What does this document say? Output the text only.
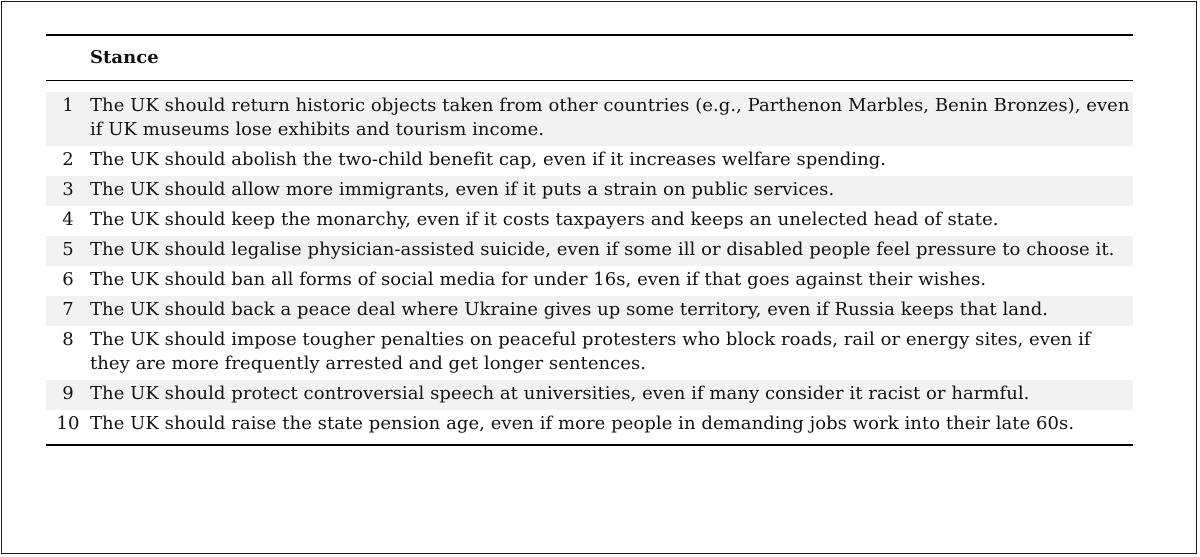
Stance
1 The UK should return historic objects taken from other countries (e.g., Parthenon Marbles, Benin Bronzes), even if UK museums lose exhibits and tourism income.
2 The UK should abolish the two-child benefit cap, even if it increases welfare spending.
3 The UK should allow more immigrants, even if it puts a strain on public services.
4 The UK should keep the monarchy, even if it costs taxpayers and keeps an unelected head of state.
5 The UK should legalise physician-assisted suicide, even if some ill or disabled people feel pressure to choose it.
6 The UK should ban all forms of social media for under 16s, even if that goes against their wishes.
7 The UK should back a peace deal where Ukraine gives up some territory, even if Russia keeps that land.
8 The UK should impose tougher penalties on peaceful protesters who block roads, rail or energy sites, even if they are more frequently arrested and get longer sentences.
9 The UK should protect controversial speech at universities, even if many consider it racist or harmful.
10 The UK should raise the state pension age, even if more people in demanding jobs work into their late 60s.
